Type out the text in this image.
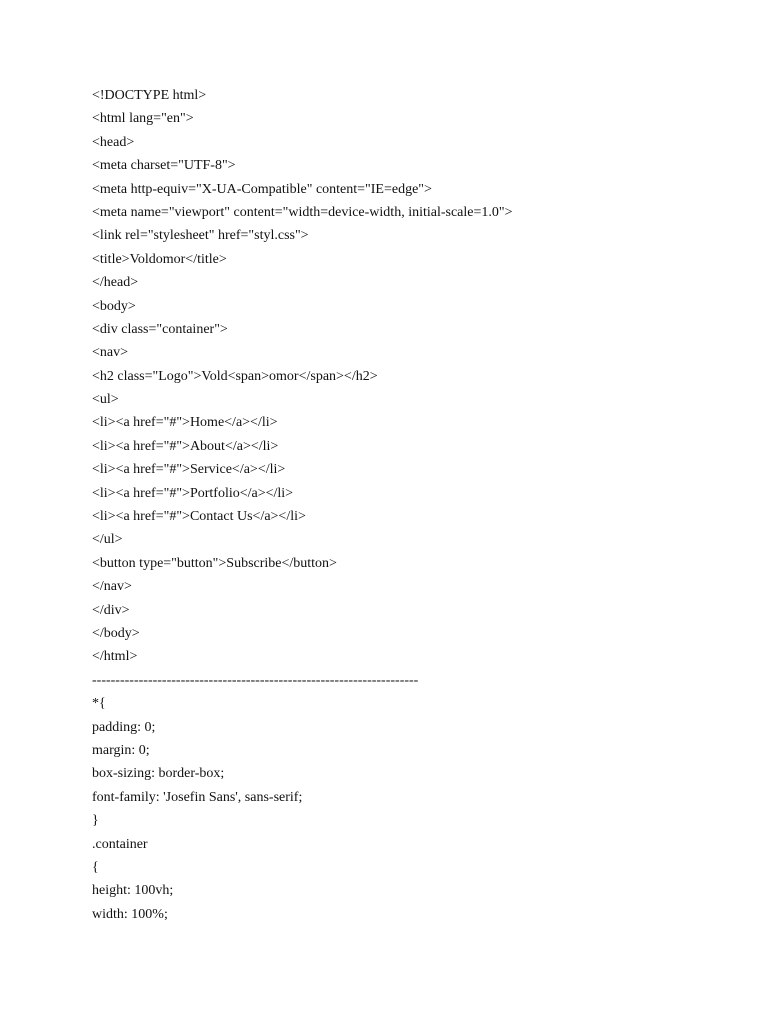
<!DOCTYPE html>
<html lang="en">
<head>
<meta charset="UTF-8">
<meta http-equiv="X-UA-Compatible" content="IE=edge">
<meta name="viewport" content="width=device-width, initial-scale=1.0">
<link rel="stylesheet" href="styl.css">
<title>Voldomor</title>
</head>
<body>
<div class="container">
<nav>
<h2 class="Logo">Vold<span>omor</span></h2>
<ul>
<li><a href="#">Home</a></li>
<li><a href="#">About</a></li>
<li><a href="#">Service</a></li>
<li><a href="#">Portfolio</a></li>
<li><a href="#">Contact Us</a></li>
</ul>
<button type="button">Subscribe</button>
</nav>
</div>
</body>
</html>
----------------------------------------------------------------------
*{
padding: 0;
margin: 0;
box-sizing: border-box;
font-family: 'Josefin Sans', sans-serif;
}
.container
{
height: 100vh;
width: 100%;
